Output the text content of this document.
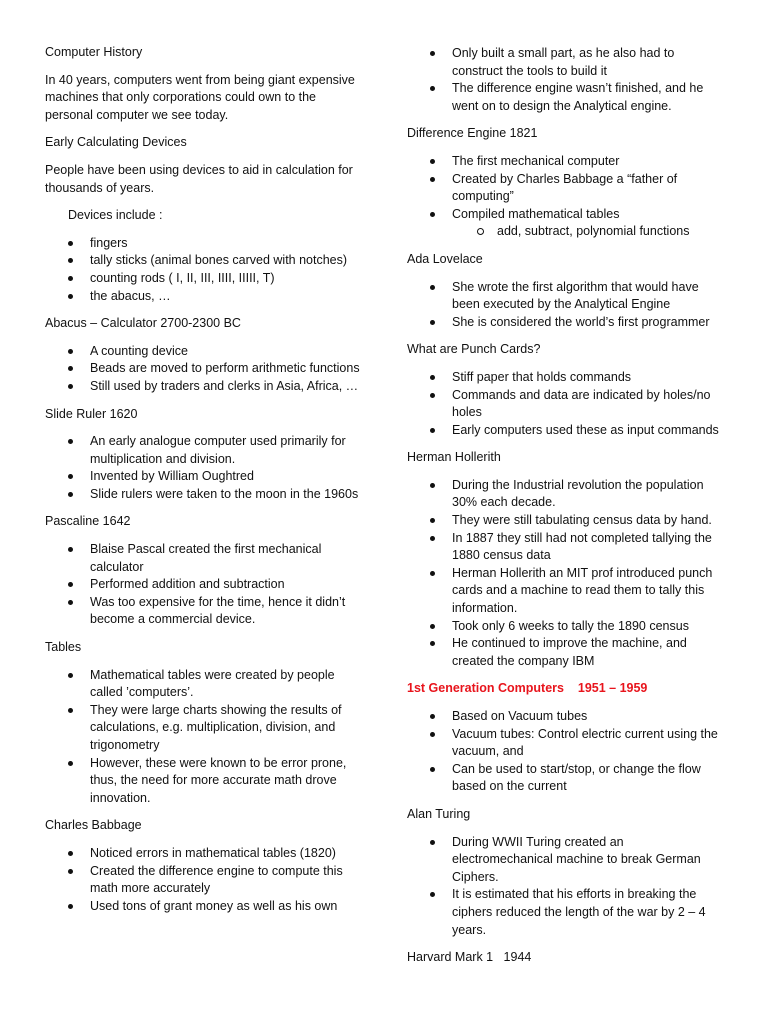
Computer History

In 40 years, computers went from being giant expensive machines that only corporations could own to the personal computer we see today.

Early Calculating Devices

People have been using devices to aid in calculation for thousands of years.

Devices include :

fingers
tally sticks (animal bones carved with notches)
counting rods ( I, II, III, IIII, IIIII, T)
the abacus, …

Abacus – Calculator 2700-2300 BC

A counting device
Beads are moved to perform arithmetic functions
Still used by traders and clerks in Asia, Africa, …

Slide Ruler 1620

An early analogue computer used primarily for multiplication and division.
Invented by William Oughtred
Slide rulers were taken to the moon in the 1960s

Pascaline 1642

Blaise Pascal created the first mechanical calculator
Performed addition and subtraction
Was too expensive for the time, hence it didn’t become a commercial device.

Tables

Mathematical tables were created by people called ’computers’.
They were large charts showing the results of calculations, e.g. multiplication, division, and trigonometry
However, these were known to be error prone, thus, the need for more accurate math drove innovation.

Charles Babbage

Noticed errors in mathematical tables (1820)
Created the difference engine to compute this math more accurately
Used tons of grant money as well as his own
Only built a small part, as he also had to construct the tools to build it
The difference engine wasn’t finished, and he went on to design the Analytical engine.

Difference Engine 1821

The first mechanical computer
Created by Charles Babbage a “father of computing”
Compiled mathematical tables
add, subtract, polynomial functions

Ada Lovelace

She wrote the first algorithm that would have been executed by the Analytical Engine
She is considered the world’s first programmer

What are Punch Cards?

Stiff paper that holds commands
Commands and data are indicated by holes/no holes
Early computers used these as input commands

Herman Hollerith

During the Industrial revolution the population 30% each decade.
They were still tabulating census data by hand.
In 1887 they still had not completed tallying the 1880 census data
Herman Hollerith an MIT prof introduced punch cards and a machine to read them to tally this information.
Took only 6 weeks to tally the 1890 census
He continued to improve the machine, and created the company IBM

1st Generation Computers    1951 – 1959

Based on Vacuum tubes
Vacuum tubes: Control electric current using the vacuum, and
Can be used to start/stop, or change the flow based on the current

Alan Turing

During WWII Turing created an electromechanical machine to break German Ciphers.
It is estimated that his efforts in breaking the ciphers reduced the length of the war by 2 – 4 years.

Harvard Mark 1   1944
